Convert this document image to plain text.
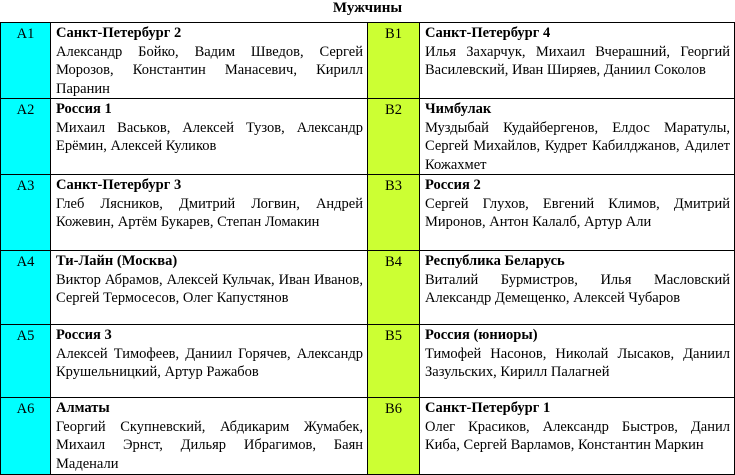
Мужчины
А1	Санкт-Петербург 2
Александр Бойко, Вадим Шведов, Сергей Морозов, Константин Манасевич, Кирилл Паранин	В1	Санкт-Петербург 4
Илья Захарчук, Михаил Вчерашний, Георгий Василевский, Иван Ширяев, Даниил Соколов

А2	Россия 1
Михаил Васьков, Алексей Тузов, Александр Ерёмин, Алексей Куликов	В2	Чимбулак
Муздыбай Кудайбергенов, Елдос Маратулы, Сергей Михайлов, Кудрет Кабилджанов, Адилет Кожахмет

А3	Санкт-Петербург 3
Глеб Лясников, Дмитрий Логвин, Андрей Кожевин, Артём Букарев, Степан Ломакин	В3	Россия 2
Сергей Глухов, Евгений Климов, Дмитрий Миронов, Антон Калалб, Артур Али

А4	Ти-Лайн (Москва)
Виктор Абрамов, Алексей Кульчак, Иван Иванов, Сергей Термосесов, Олег Капустянов	В4	Республика Беларусь
Виталий Бурмистров, Илья Масловский Александр Демещенко, Алексей Чубаров

А5	Россия 3
Алексей Тимофеев, Даниил Горячев, Александр Крушельницкий, Артур Ражабов	В5	Россия (юниоры)
Тимофей Насонов, Николай Лысаков, Даниил Зазульских, Кирилл Палагней

А6	Алматы
Георгий Скупневский, Абдикарим Жумабек, Михаил Эрнст, Дильяр Ибрагимов, Баян Маденали	В6	Санкт-Петербург 1
Олег Красиков, Александр Быстров, Данил Киба, Сергей Варламов, Константин Маркин
